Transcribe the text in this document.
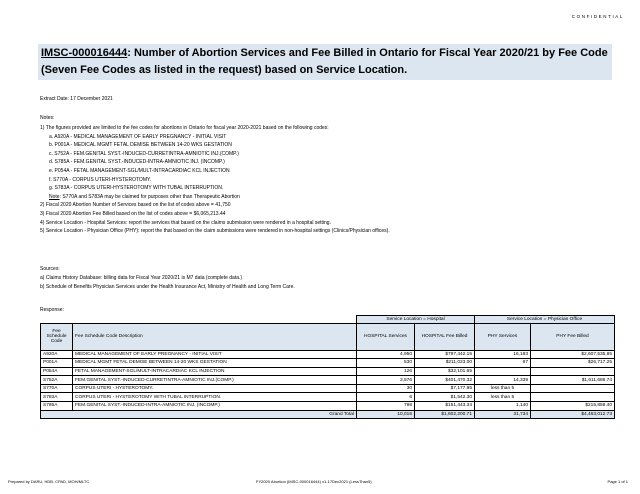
CONFIDENTIAL
IMSC-000016444: Number of Abortion Services and Fee Billed in Ontario for Fiscal Year 2020/21 by Fee Code (Seven Fee Codes as listed in the request) based on Service Location.
Extract Date: 17 December 2021
Notes:
1) The figures provided are limited to the fee codes for abortions in Ontario for fiscal year 2020-2021 based on the following codes:
a. A920A - MEDICAL MANAGEMENT OF EARLY PREGNANCY - INITIAL VISIT
b. P001A - MEDICAL MGMT FETAL DEMISE BETWEEN 14-20 WKS GESTATION
c. S752A - FEM.GENITAL SYST.-INDUCED-CURRETINTRA-AMNIOTIC INJ.(COMP.)
d. S785A - FEM.GENITAL SYST.-INDUCED-INTRA-AMNIOTIC INJ. (INCOMP.)
e. P054A - FETAL MANAGEMENT-SGL/MULT-INTRACARDIAC KCL INJECTION
f. S770A - CORPUS UTERI-HYSTEROTOMY.
g. S783A - CORPUS UTERI-HYSTEROTOMY WITH TUBAL INTERRUPTION.
Note: S770A and S783A may be claimed for purposes other than Therapeutic Abortion
2) Fiscal 2020 Abortion Number of Services based on the list of codes above = 41,750
3) Fiscal 2020 Abortion Fee Billed based on the list of codes above = $6,065,213.44
4) Service Location - Hospital Services: report the services that based on the claims submission were rendered in a hospital setting.
5) Service Location - Physician Office (PHY): report the that based on the claim submissions were rendered in non-hospital settings (Clinics/Physician offices).
Sources:
a) Claims History Database: billing data for Fiscal Year 2020/21 is M7 data (complete data.)
b) Schedule of Benefits Physician Services under the Health Insurance Act, Ministry of Health and Long Term Care.
Response:
		Service Location = Hospital		Service Location = Physician Office	
Fee Schedule Code	Fee Schedule Code Description	HOSPITAL Services	HOSPITAL Fee Billed	PHY Services	PHY Fee Billed
A920A	MEDICAL MANAGEMENT OF EARLY PREGNANCY - INITIAL VISIT	4,950	$797,442.15	16,183	$2,607,535.85
P001A	MEDICAL MGMT FETAL DEMISE BETWEEN 14-20 WKS GESTATION	530	$211,023.00	67	$26,717.25
P054A	FETAL MANAGEMENT-SGL/MULT-INTRACARDIAC KCL INJECTION	126	$32,101.65		
S752A	FEM.GENITAL SYST.-INDUCED-CURRETINTRA-AMNIOTIC INJ.(COMP.)	3,576	$401,470.32	14,339	$1,611,686.74
S770A	CORPUS UTERI - HYSTEROTOMY.	30	$7,177.95	less than 5	
S783A	CORPUS UTERI - HYSTEROTOMY WITH TUBAL INTERRUPTION.	6	$1,542.30	less than 5	
S785A	FEM.GENITAL SYST.-INDUCED-INTRA-AMNIOTIC INJ. (INCOMP.)	798	$151,443.34	1,140	$215,859.40
Grand Total		10,016	$1,602,200.71	31,734	$4,463,012.73
Prepared by DARU, HDB, CPAD, MOH/MLTC	FY2020 Abortion (IMSC-000016444) v1-17Dec2021 (LessThan5)	Page 1 of 1
